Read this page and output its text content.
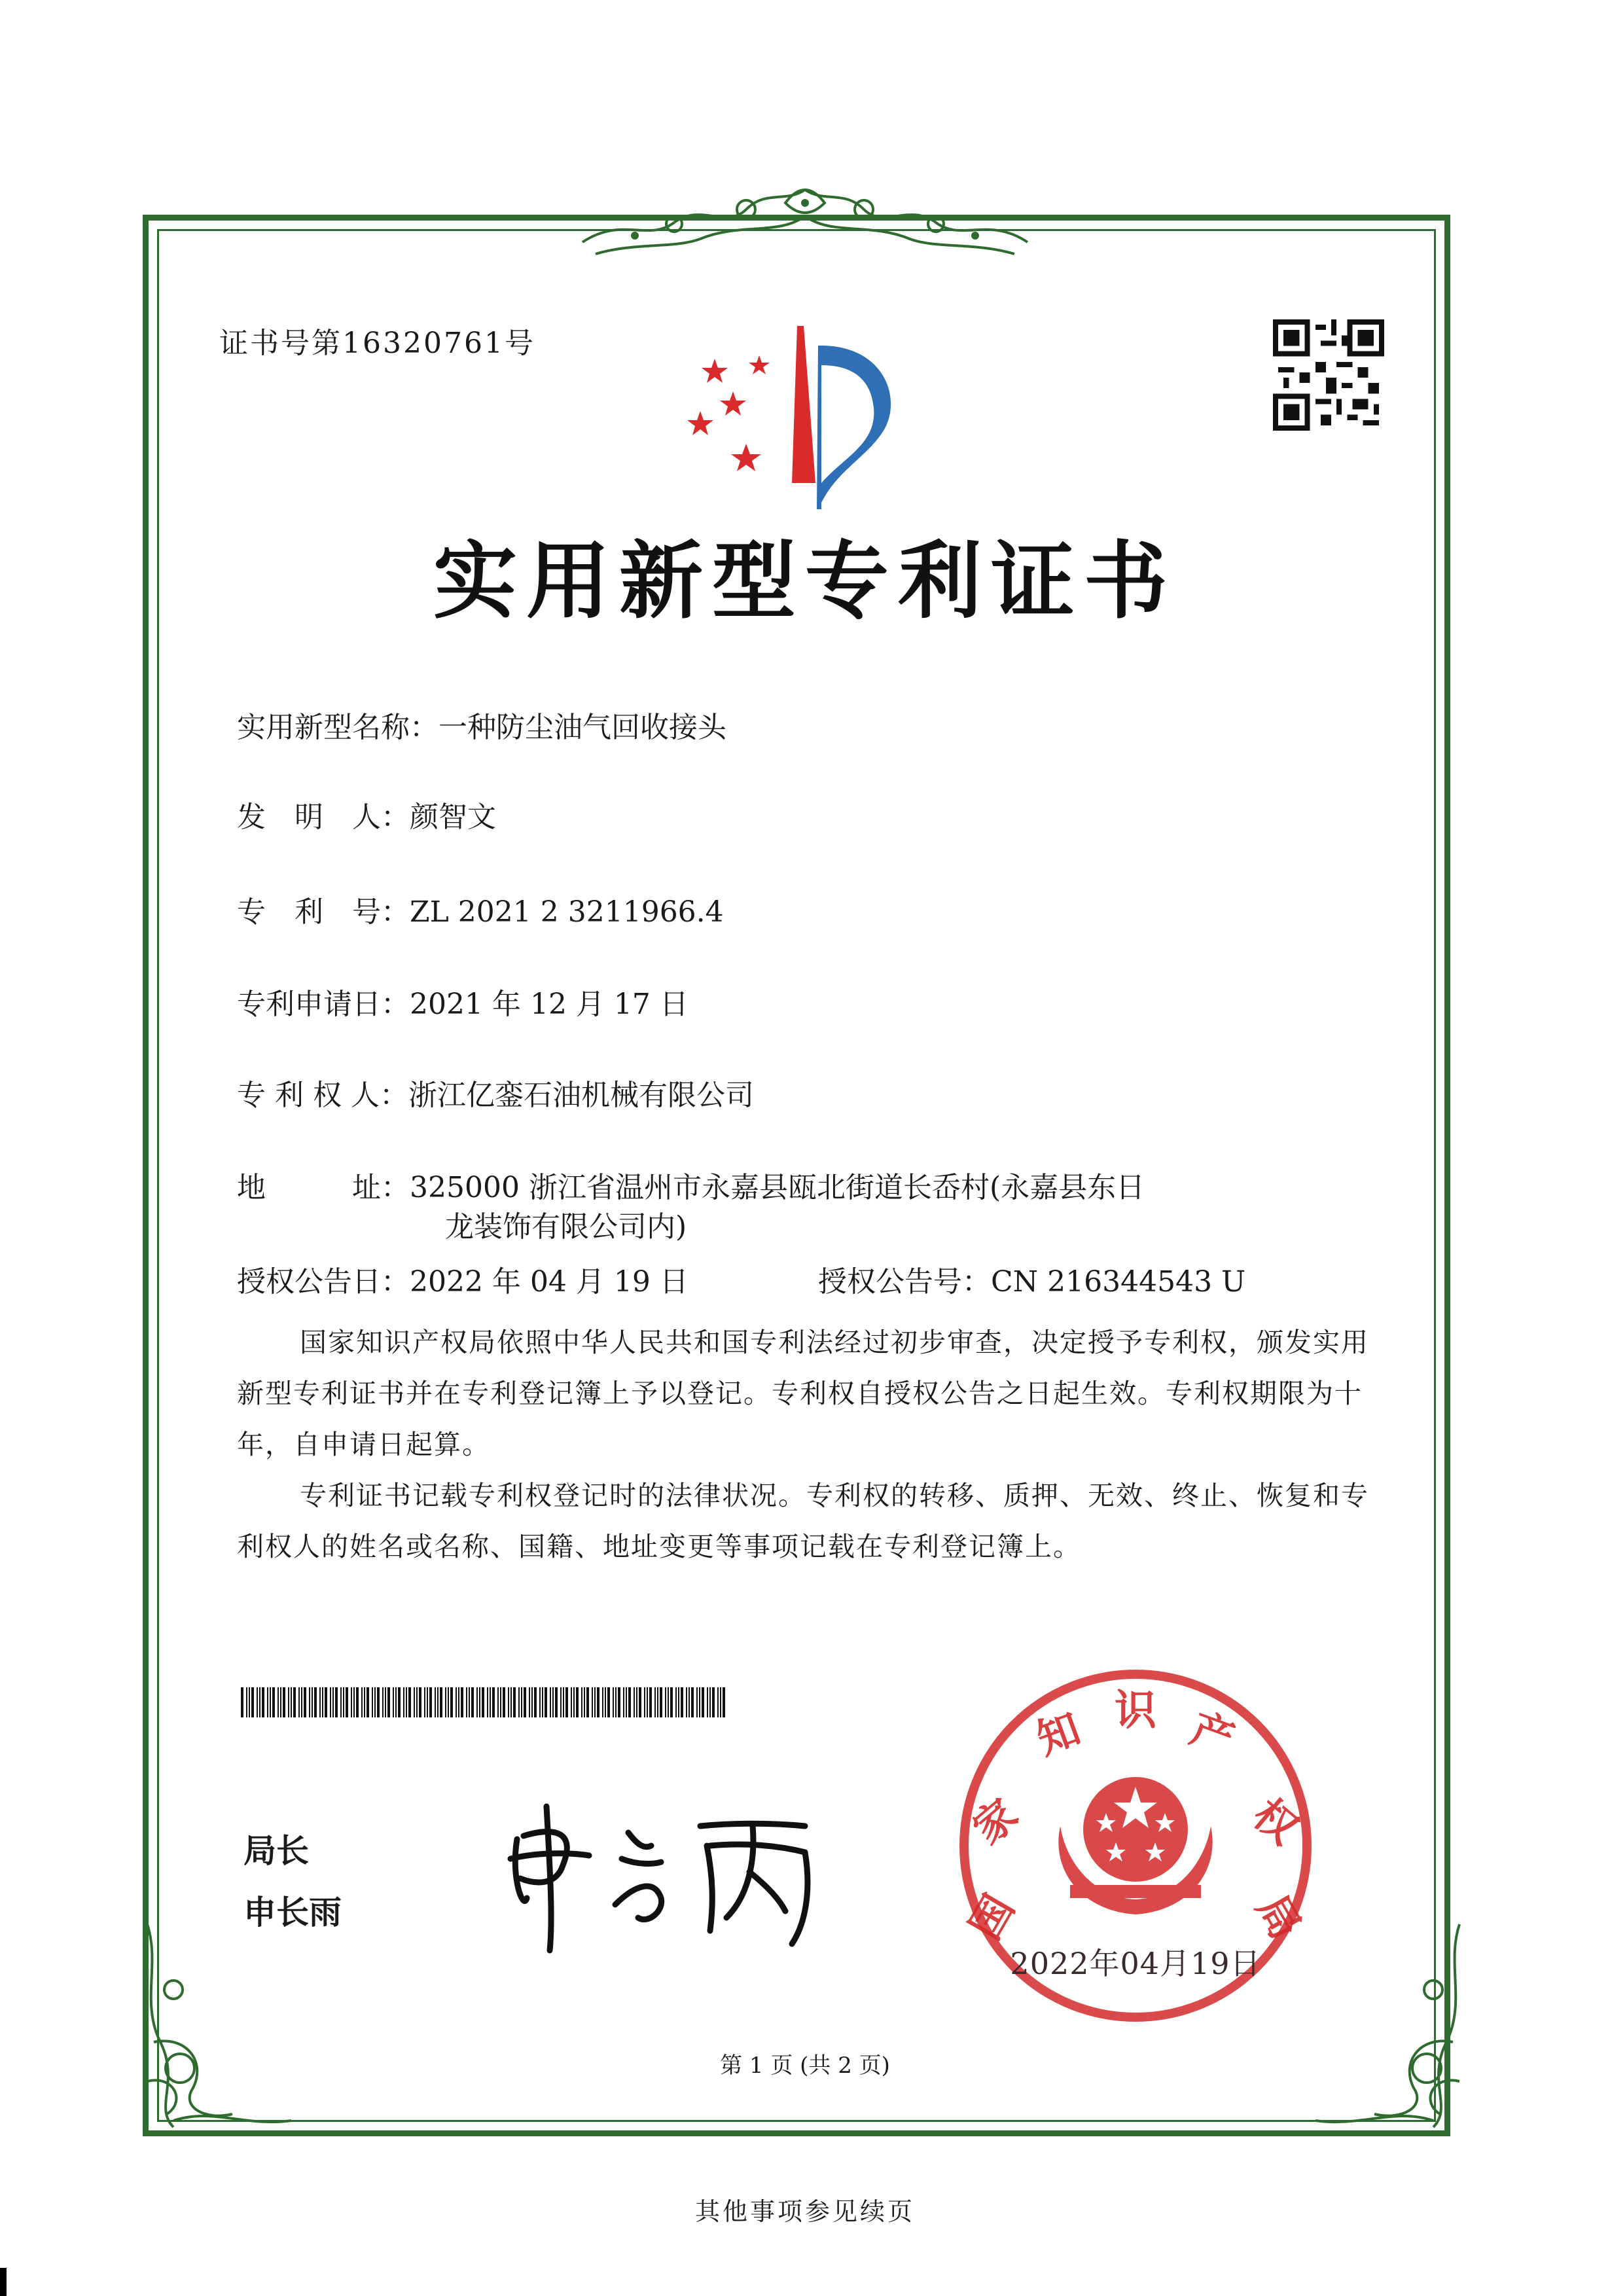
证书号第16320761号
实用新型专利证书
实用新型名称：一种防尘油气回收接头
发　明　人：颜智文
专　利　号：ZL 2021 2 3211966.4
专利申请日：2021 年 12 月 17 日
专 利 权 人：浙江亿銮石油机械有限公司
地　　　址：325000 浙江省温州市永嘉县瓯北街道长岙村(永嘉县东日
龙装饰有限公司内)
授权公告日：2022 年 04 月 19 日	授权公告号：CN 216344543 U
国家知识产权局依照中华人民共和国专利法经过初步审查，决定授予专利权，颁发实用
新型专利证书并在专利登记簿上予以登记。专利权自授权公告之日起生效。专利权期限为十
年，自申请日起算。
专利证书记载专利权登记时的法律状况。专利权的转移、质押、无效、终止、恢复和专
利权人的姓名或名称、国籍、地址变更等事项记载在专利登记簿上。
局长
申长雨	国
家
知 识 产
权
局
2022年04月19日
第 1 页 (共 2 页)
其他事项参见续页
